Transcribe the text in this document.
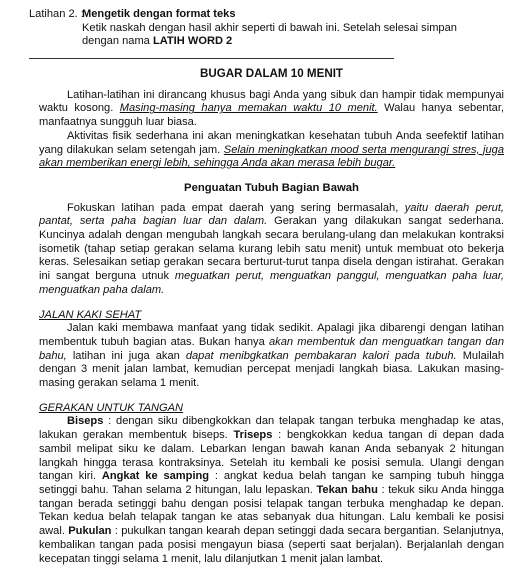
Latihan 2. :
Mengetik dengan format teks
Ketik naskah dengan hasil akhir seperti di bawah ini. Setelah selesai simpan
dengan nama LATIH WORD 2
BUGAR DALAM 10 MENIT

Latihan-latihan ini dirancang khusus bagi Anda yang sibuk dan hampir tidak mempunyai waktu kosong. Masing-masing hanya memakan waktu 10 menit. Walau hanya sebentar, manfaatnya sungguh luar biasa.

Aktivitas fisik sederhana ini akan meningkatkan kesehatan tubuh Anda seefektif latihan yang dilakukan selam setengah jam. Selain meningkatkan mood serta mengurangi stres, juga akan memberikan energi lebih, sehingga Anda akan merasa lebih bugar.

Penguatan Tubuh Bagian Bawah

Fokuskan latihan pada empat daerah yang sering bermasalah, yaitu daerah perut, pantat, serta paha bagian luar dan dalam. Gerakan yang dilakukan sangat sederhana. Kuncinya adalah dengan mengubah langkah secara berulang-ulang dan melakukan kontraksi isometik (tahap setiap gerakan selama kurang lebih satu menit) untuk membuat oto bekerja keras. Selesaikan setiap gerakan secara berturut-turut tanpa disela dengan istirahat. Gerakan ini sangat berguna utnuk meguatkan perut, menguatkan panggul, menguatkan paha luar, menguatkan paha dalam.

JALAN KAKI SEHAT

Jalan kaki membawa manfaat yang tidak sedikit. Apalagi jika dibarengi dengan latihan membentuk tubuh bagian atas. Bukan hanya akan membentuk dan menguatkan tangan dan bahu, latihan ini juga akan dapat menibgkatkan pembakaran kalori pada tubuh. Mulailah dengan 3 menit jalan lambat, kemudian percepat menjadi langkah biasa. Lakukan masing-masing gerakan selama 1 menit.

GERAKAN UNTUK TANGAN

Biseps : dengan siku dibengkokkan dan telapak tangan terbuka menghadap ke atas, lakukan gerakan membentuk biseps. Triseps : bengkokkan kedua tangan di depan dada sambil melipat siku ke dalam. Lebarkan lengan bawah kanan Anda sebanyak 2 hitungan langkah hingga terasa kontraksinya. Setelah itu kembali ke posisi semula. Ulangi dengan tangan kiri. Angkat ke samping : angkat kedua belah tangan ke samping tubuh hingga setinggi bahu. Tahan selama 2 hitungan, lalu lepaskan. Tekan bahu : tekuk siku Anda hingga tangan berada setinggi bahu dengan posisi telapak tangan terbuka menghadap ke depan. Tekan kedua belah telapak tangan ke atas sebanyak dua hitungan. Lalu kembali ke posisi awal. Pukulan : pukulkan tangan kearah depan setinggi dada secara bergantian. Selanjutnya, kembalikan tangan pada posisi mengayun biasa (seperti saat berjalan). Berjalanlah dengan kecepatan tinggi selama 1 menit, lalu dilanjutkan 1 menit jalan lambat.
